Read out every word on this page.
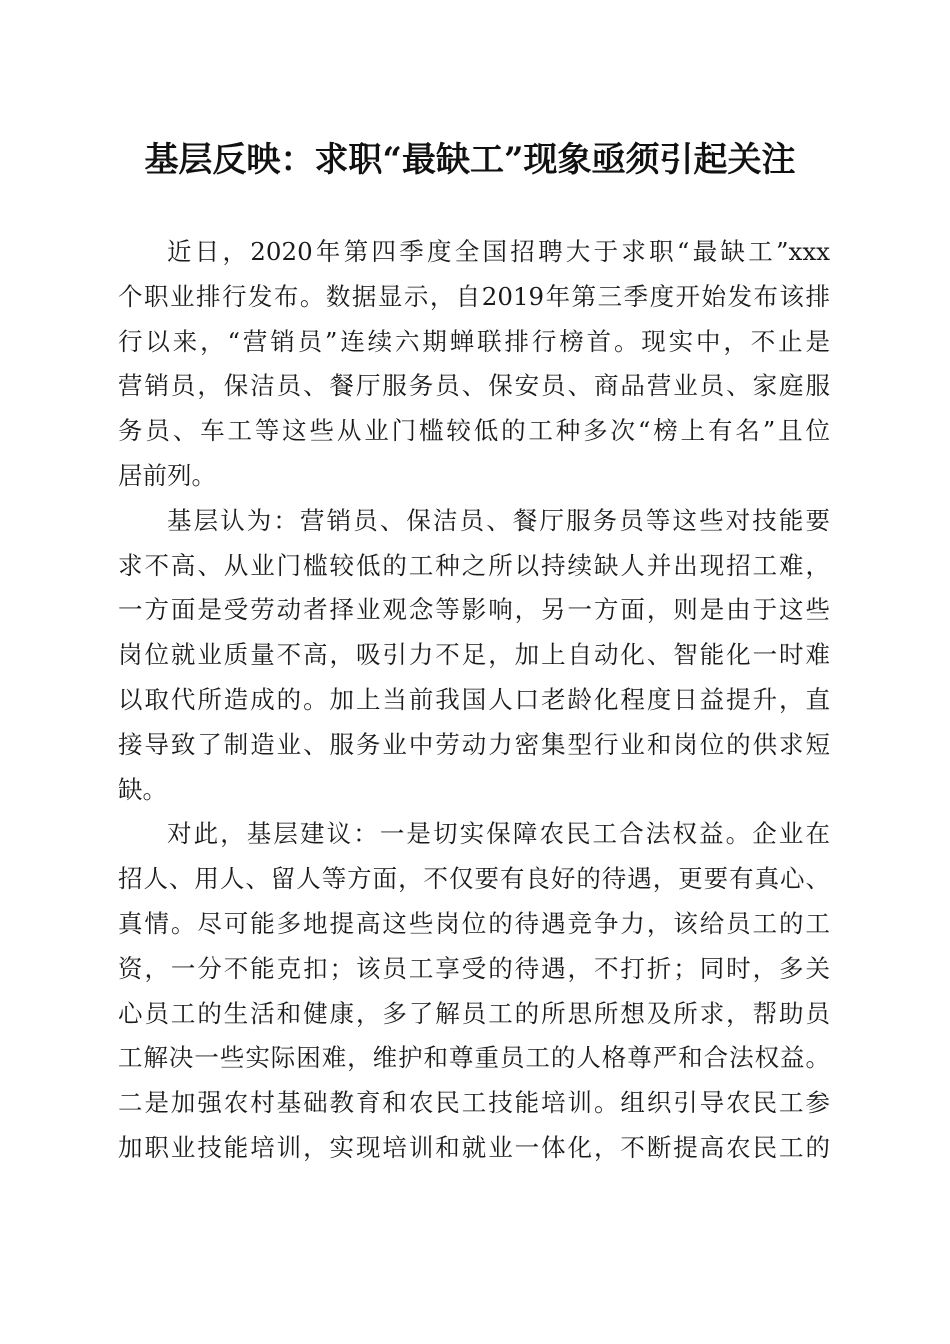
基层反映：求职“最缺工”现象亟须引起关注
近日，2020年第四季度全国招聘大于求职“最缺工”xxx
个职业排行发布。数据显示，自2019年第三季度开始发布该排
行以来，“营销员”连续六期蝉联排行榜首。现实中，不止是
营销员，保洁员、餐厅服务员、保安员、商品营业员、家庭服
务员、车工等这些从业门槛较低的工种多次“榜上有名”且位
居前列。
基层认为：营销员、保洁员、餐厅服务员等这些对技能要
求不高、从业门槛较低的工种之所以持续缺人并出现招工难，
一方面是受劳动者择业观念等影响，另一方面，则是由于这些
岗位就业质量不高，吸引力不足，加上自动化、智能化一时难
以取代所造成的。加上当前我国人口老龄化程度日益提升，直
接导致了制造业、服务业中劳动力密集型行业和岗位的供求短
缺。
对此，基层建议：一是切实保障农民工合法权益。企业在
招人、用人、留人等方面，不仅要有良好的待遇，更要有真心、
真情。尽可能多地提高这些岗位的待遇竞争力，该给员工的工
资，一分不能克扣；该员工享受的待遇，不打折；同时，多关
心员工的生活和健康，多了解员工的所思所想及所求，帮助员
工解决一些实际困难，维护和尊重员工的人格尊严和合法权益。
二是加强农村基础教育和农民工技能培训。组织引导农民工参
加职业技能培训，实现培训和就业一体化，不断提高农民工的
